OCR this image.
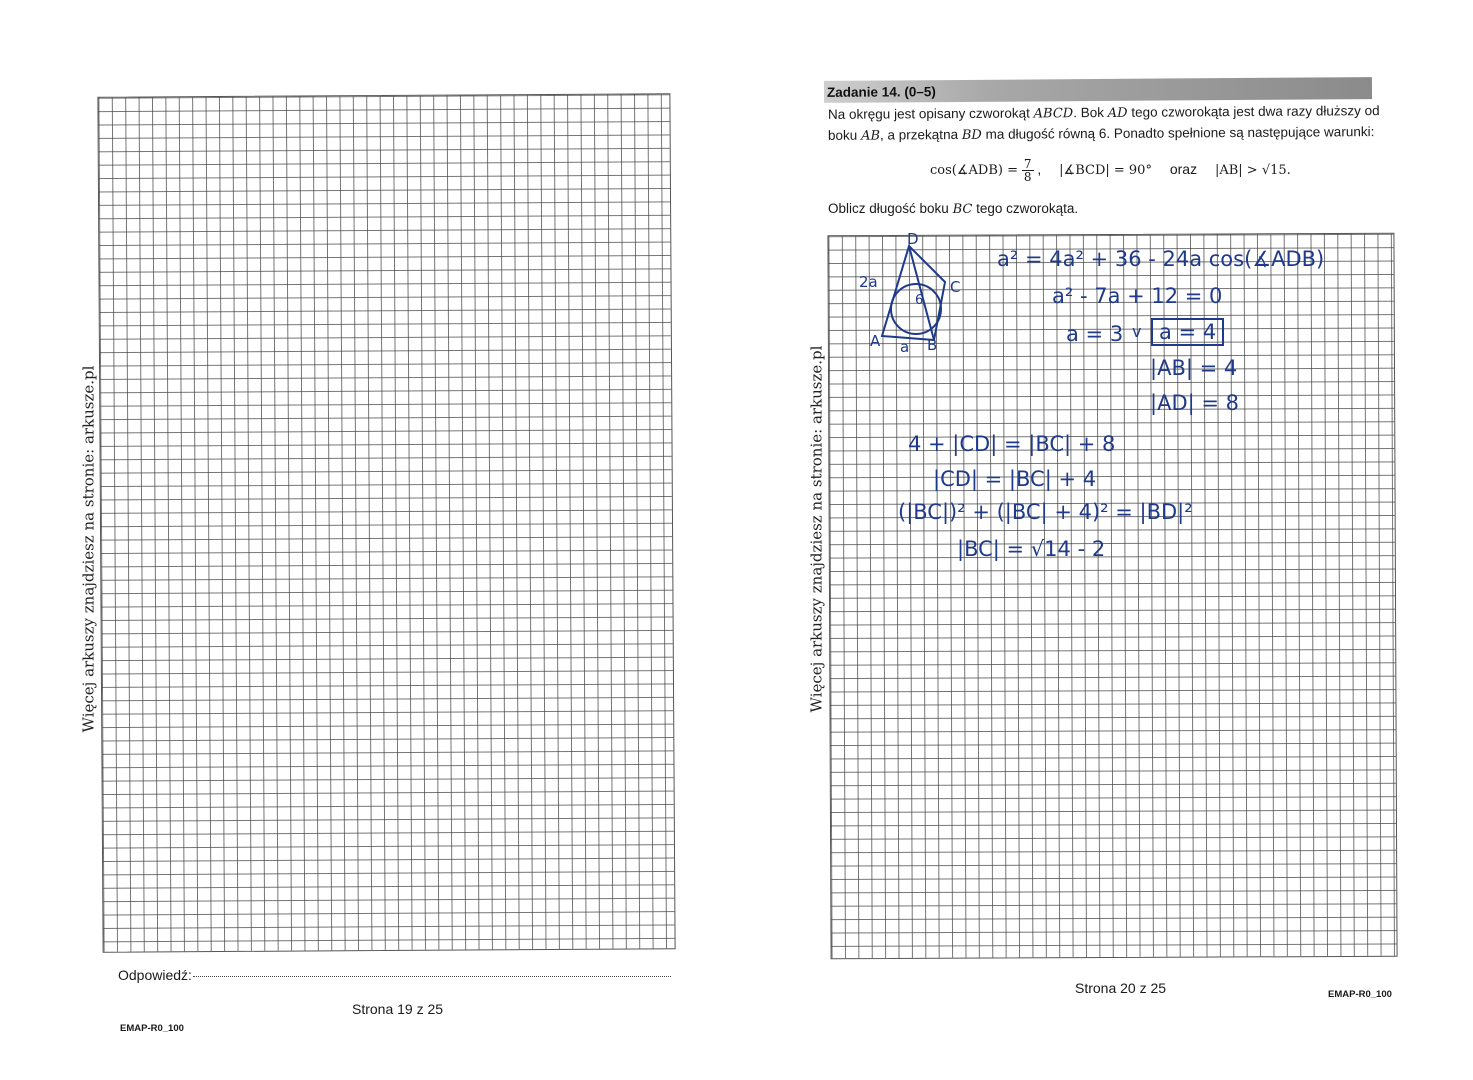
Więcej arkuszy znajdziesz na stronie: arkusze.pl
Odpowiedź:
Strona 19 z 25
EMAP-R0_100
Więcej arkuszy znajdziesz na stronie: arkusze.pl
Zadanie 14. (0–5)
Na okręgu jest opisany czworokąt ABCD. Bok AD tego czworokąta jest dwa razy dłuższy od
boku AB, a przekątna BD ma długość równą 6. Ponadto spełnione są następujące warunki:
cos(∡ADB) = $\frac{7}{8}$ , |∡BCD| = 90° oraz |AB| > √15.
Oblicz długość boku BC tego czworokąta.
D
C
A	B
2a
a
6
a² = 4a² + 36 - 24a cos(∡ADB)
a² - 7a + 12 = 0
a = 3 v a = 4
|AB| = 4
|AD| = 8
4 + |CD| = |BC| + 8
|CD| = |BC| + 4
(|BC|)² + (|BC| + 4)² = |BD|²
|BC| = √14 - 2
Strona 20 z 25	EMAP-R0_100
